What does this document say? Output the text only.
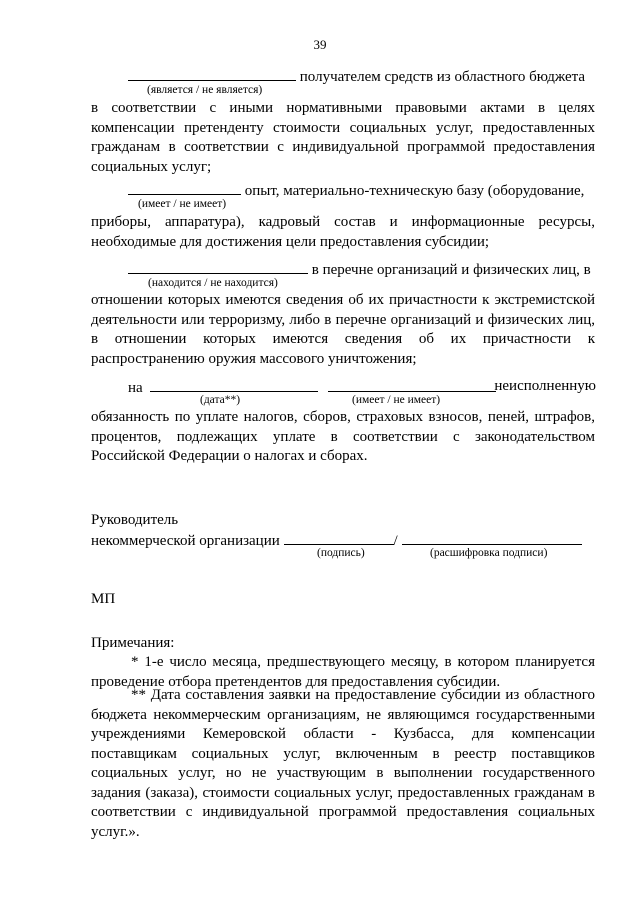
39
получателем средств из областного бюджета
(является / не является)
в соответствии с иными нормативными правовыми актами в целях компенсации претенденту стоимости социальных услуг, предоставленных гражданам в соответствии с индивидуальной программой предоставления социальных услуг;
опыт, материально-техническую базу (оборудование,
(имеет / не имеет)
приборы, аппаратура), кадровый состав и информационные ресурсы, необходимые для достижения цели предоставления субсидии;
в перечне организаций и физических лиц, в
(находится / не находится)
отношении которых имеются сведения об их причастности к экстремистской деятельности или терроризму, либо в перечне организаций и физических лиц, в отношении которых имеются сведения об их причастности к распространению оружия массового уничтожения;
на	неисполненную
(дата**)	(имеет / не имеет)
обязанность по уплате налогов, сборов, страховых взносов, пеней, штрафов, процентов, подлежащих уплате в соответствии с законодательством Российской Федерации о налогах и сборах.
Руководитель
некоммерческой организации	/
(подпись)	(расшифровка подписи)
МП
Примечания:
* 1-е число месяца, предшествующего месяцу, в котором планируется проведение отбора претендентов для предоставления субсидии.
** Дата составления заявки на предоставление субсидии из областного бюджета некоммерческим организациям, не являющимся государственными учреждениями Кемеровской области - Кузбасса, для компенсации поставщикам социальных услуг, включенным в реестр поставщиков социальных услуг, но не участвующим в выполнении государственного задания (заказа), стоимости социальных услуг, предоставленных гражданам в соответствии с индивидуальной программой предоставления социальных услуг.».
